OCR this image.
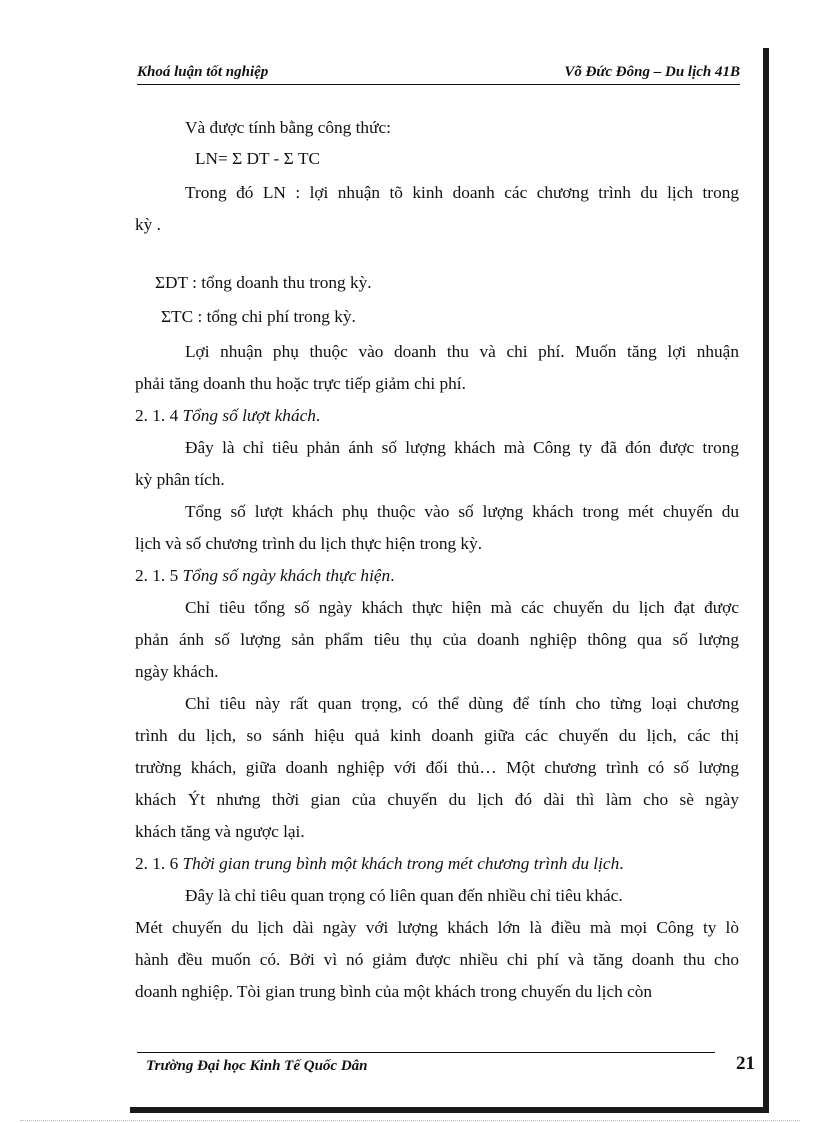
Khoá luận tốt nghiệp	Võ Đức Đông – Du lịch 41B
Và được tính bằng công thức:
LN= Σ DT - Σ TC
Trong đó LN : lợi nhuận tõ kinh doanh các chương trình du lịch trong
kỳ .
ΣDT : tổng doanh thu trong kỳ.
ΣTC : tổng chi phí trong kỳ.
Lợi nhuận phụ thuộc vào doanh thu và chi phí. Muốn tăng lợi nhuận
phải tăng doanh thu hoặc trực tiếp giảm chi phí.
2. 1. 4 Tổng số lượt khách.
Đây là chỉ tiêu phản ánh số lượng khách mà Công ty đã đón được trong
kỳ phân tích.
Tổng số lượt khách phụ thuộc vào số lượng khách trong mét chuyến du
lịch và số chương trình du lịch thực hiện trong kỳ.
2. 1. 5 Tổng số ngày khách thực hiện.
Chỉ tiêu tổng số ngày khách thực hiện mà các chuyến du lịch đạt được
phản ánh số lượng sản phẩm tiêu thụ của doanh nghiệp thông qua số lượng
ngày khách.
Chỉ tiêu này rất quan trọng, có thể dùng để tính cho từng loại chương
trình du lịch, so sánh hiệu quả kinh doanh giữa các chuyến du lịch, các thị
trường khách, giữa doanh nghiệp với đối thủ… Một chương trình có số lượng
khách Ýt nhưng thời gian của chuyến du lịch đó dài thì làm cho sè ngày
khách tăng và ngược lại.
2. 1. 6 Thời gian trung bình một khách trong mét chương trình du lịch.
Đây là chỉ tiêu quan trọng có liên quan đến nhiều chỉ tiêu khác.
Mét chuyến du lịch dài ngày với lượng khách lớn là điều mà mọi Công ty lò
hành đều muốn có. Bởi vì nó giảm được nhiều chi phí và tăng doanh thu cho
doanh nghiệp. Tòi gian trung bình của một khách trong chuyến du lịch còn
Trường Đại học Kinh Tế Quốc Dân	21
